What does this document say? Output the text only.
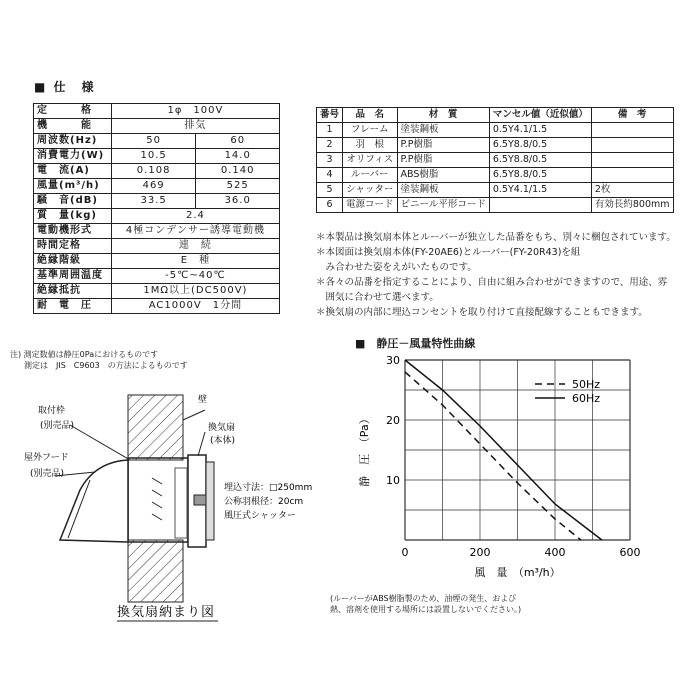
■ 仕　様
定　　　格	1φ　100V	
機　　　能	排気	
周波数(Hz)	50	60
消費電力(W)	10.5	14.0
電　流(A)	0.108	0.140
風量(m³/h)	469	525
騒　音(dB)	33.5	36.0
質　量(kg)	2.4	
電動機形式	4極コンデンサー誘導電動機	
時間定格	連　続	
絶縁階級	E　種	
基準周囲温度	-5℃~40℃	
絶縁抵抗	1MΩ以上(DC500V)	
耐　電　圧	AC1000V　1分間	
注) 測定数値は静圧0Paにおけるものです
測定は　JIS　C9603　の方法によるものです
番号	品　名	材　質	マンセル値（近似値）	備　考
1	フレーム	塗装鋼板	0.5Y4.1/1.5	
2	羽　根	P.P樹脂	6.5Y8.8/0.5	
3	オリフィス	P.P樹脂	6.5Y8.8/0.5	
4	ルーバー	ABS樹脂	6.5Y8.8/0.5	
5	シャッター	塗装鋼板	0.5Y4.1/1.5	2枚
6	電源コード	ビニール平形コード		有効長約800mm
＊本製品は換気扇本体とルーバーが独立した品番をもち、別々に梱包されています。
＊本図面は換気扇本体(FY-20AE6)とルーバー(FY-20R43)を組
　み合わせた姿をえがいたものです。
＊各々の品番を指定することにより、自由に組み合わせができますので、用途、雰
　囲気に合わせて選べます。
＊換気扇の内部に埋込コンセントを取り付けて直接配線することもできます。
壁
取付枠
(別売品)
屋外フード
(別売品)
換気扇
(本体)
埋込寸法：□250mm
公称羽根径：20cm
風圧式シャッター
換気扇納まり図
■　静圧－風量特性曲線
0	200	400	600
10
20
30
風　量　（m³/h）
静　圧　（Pa）
50Hz
60Hz
(ルーバーがABS樹脂製のため、油煙の発生、および
熱、溶剤を使用する場所には設置しないでください。)
